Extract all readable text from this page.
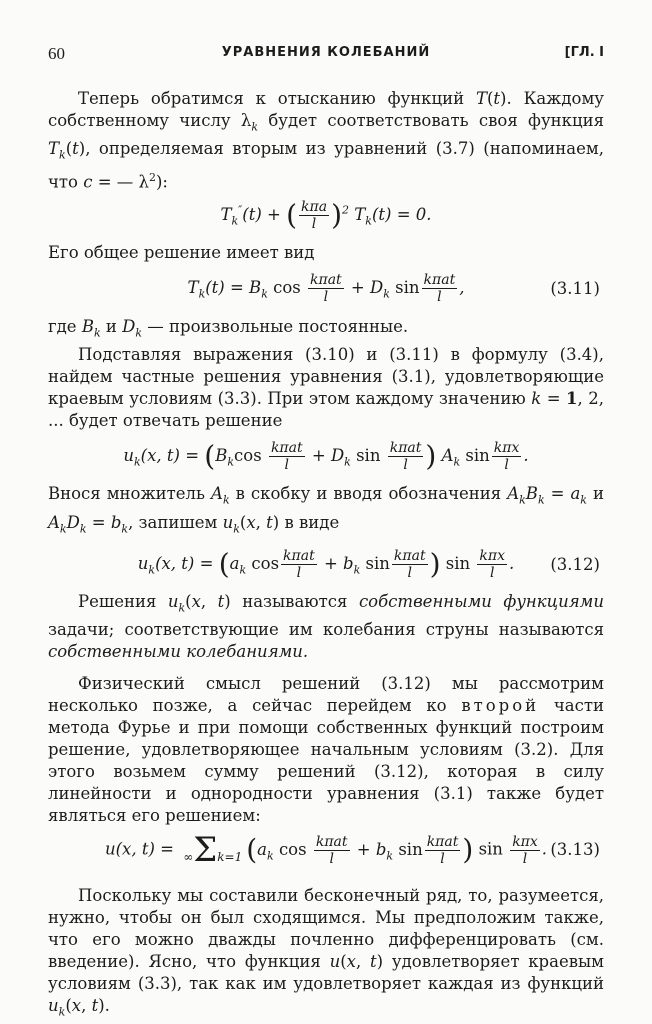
60	УРАВНЕНИЯ КОЛЕБАНИЙ	[ГЛ. I

Теперь обратимся к отысканию функций T(t). Каждому собственному числу $\lambda_k$ будет соответствовать своя функция $T_k(t)$, определяемая вторым из уравнений (3.7) (напоминаем, что c = — $\lambda^2$):

$T_k''(t)$ + ( $\frac{\text{kπa}}{l} )^2$ $T_k(t) = 0$.

Его общее решение имеет вид

$T_k(t) = B_k$ $\cos \frac{\text{kπat}}{l} + D_k$ $\sin \frac{\text{kπat}}{l}$ ,	(3.11)

где $B_k$ и $D_k$ — произвольные постоянные.

Подставляя выражения (3.10) и (3.11) в формулу (3.4), найдем частные решения уравнения (3.1), удовлетворяющие краевым условиям (3.3). При этом каждому значению k = 1, 2, ... будет отвечать решение

$u_k(x$, $t) = (B_k\cos \frac{\text{kπat}}{l} + D_k$ $\sin \frac{\text{kπat}}{l}$ ) $A_k$ $\sin \frac{\text{kπx}}{l}$ .

Внося множитель $A_k$ в скобку и вводя обозначения $A_kB_k = a_k$ и $A_kD_k = b_k$, запишем $u_k(x$, t) в виде

$u_k(x$, $t) = (a_k$ $\cos \frac{\text{kπat}}{l} + b_k$ $\sin \frac{\text{kπat}}{l}$ ) $\sin \frac{\text{kπx}}{l}$ . (3.12)

Решения $u_k(x$, t) называются собственными функциями задачи; соответствующие им колебания струны называются собственными колебаниями.

Физический смысл решений (3.12) мы рассмотрим несколько позже, а сейчас перейдем ко второй части метода Фурье и при помощи собственных функций построим решение, удовлетворяющее начальным условиям (3.2). Для этого возьмем сумму решений (3.12), которая в силу линейности и однородности уравнения (3.1) также будет являться его решением:

u(x, t) = ∞Σk=1 ($a_k$ $\cos \frac{\text{kπat}}{l} + b_k$ $\sin \frac{\text{kπat}}{l}$ ) $\sin \frac{\text{kπx}}{l}$ . (3.13)

Поскольку мы составили бесконечный ряд, то, разумеется, нужно, чтобы он был сходящимся. Мы предположим также, что его можно дважды почленно дифференцировать (см. введение). Ясно, что функция u(x, t) удовлетворяет краевым условиям (3.3), так как им удовлетворяет каждая из функций $u_k(x$, t).
